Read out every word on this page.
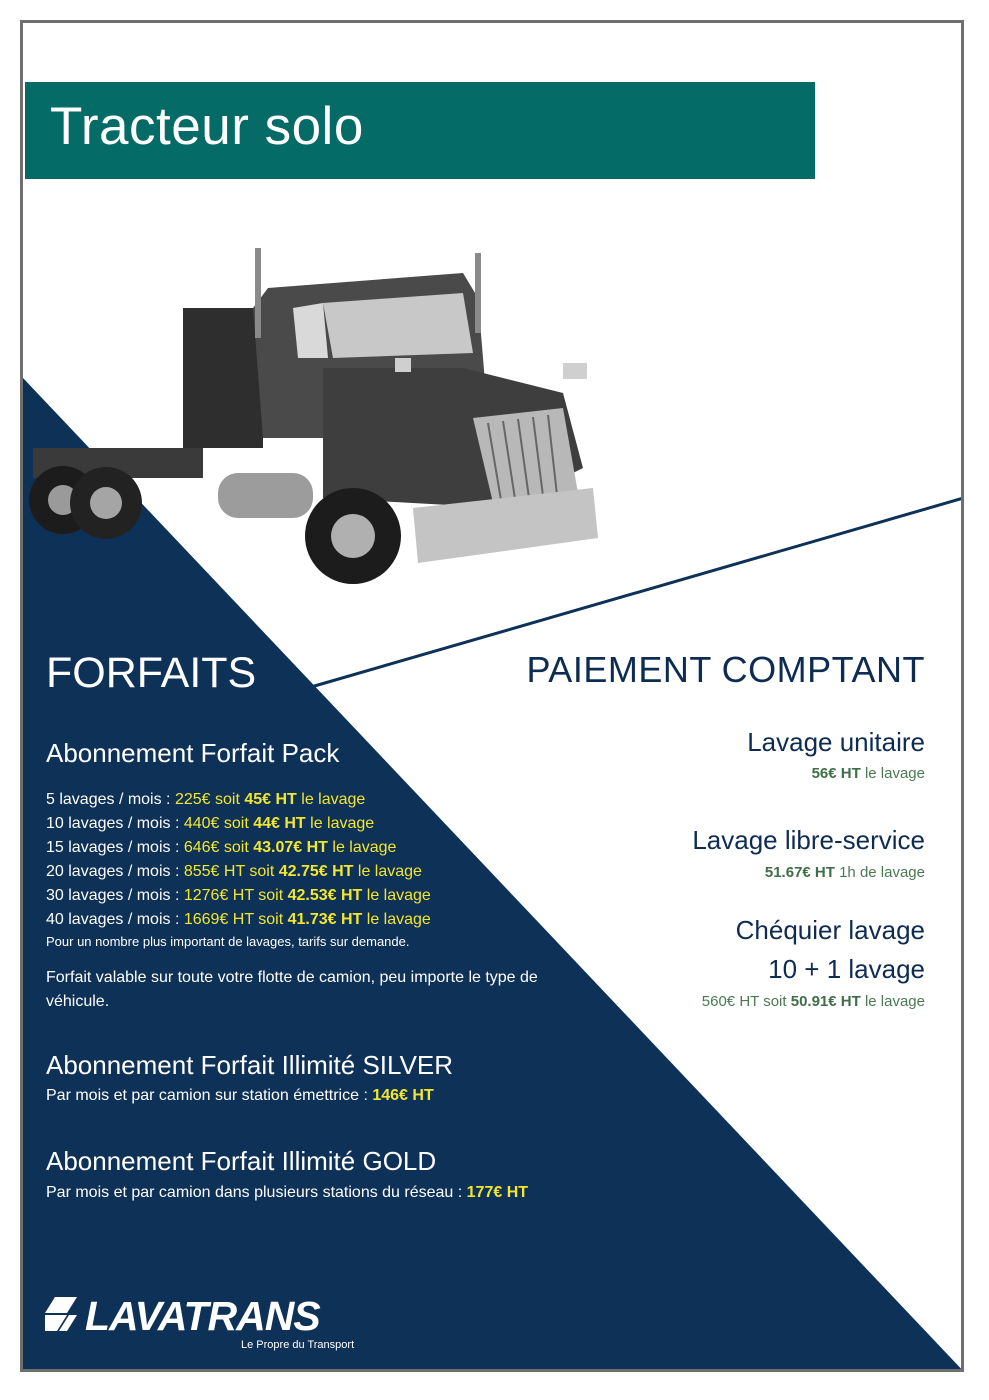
Tracteur solo
FORFAITS
Abonnement Forfait Pack
5 lavages / mois : 225€ soit 45€ HT le lavage
10 lavages / mois : 440€ soit 44€ HT le lavage
15 lavages / mois : 646€ soit 43.07€ HT le lavage
20 lavages / mois : 855€ HT soit 42.75€ HT le lavage
30 lavages / mois : 1276€ HT soit 42.53€ HT le lavage
40 lavages / mois : 1669€ HT soit 41.73€ HT le lavage
Pour un nombre plus important de lavages, tarifs sur demande.
Forfait valable sur toute votre flotte de camion, peu importe le type de véhicule.
Abonnement Forfait Illimité SILVER
Par mois et par camion sur station émettrice : 146€ HT
Abonnement Forfait Illimité GOLD
Par mois et par camion dans plusieurs stations du réseau : 177€ HT
LAVATRANS
Le Propre du Transport
PAIEMENT COMPTANT
Lavage unitaire
56€ HT le lavage
Lavage libre-service
51.67€ HT 1h de lavage
Chéquier lavage
10 + 1 lavage
560€ HT soit 50.91€ HT le lavage
